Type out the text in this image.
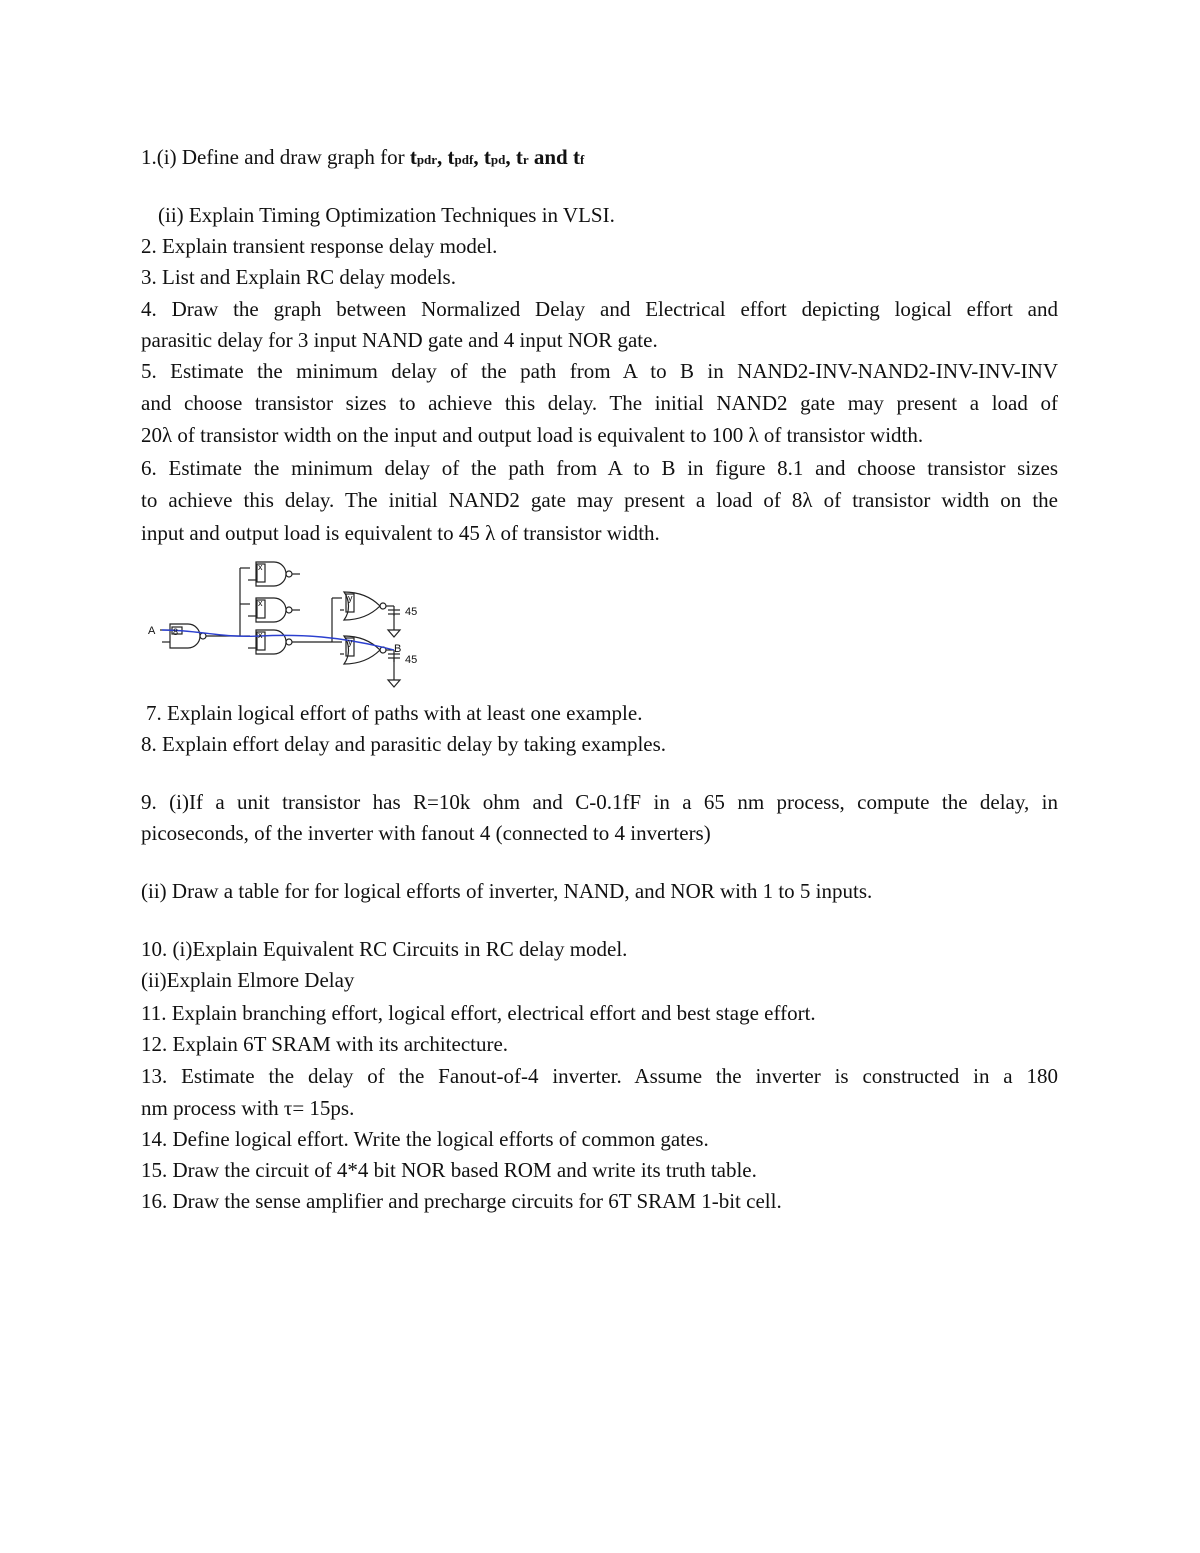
1.(i) Define and draw graph for tpdr, tpdf, tpd, tr and tf
(ii) Explain Timing Optimization Techniques in VLSI.
2. Explain transient response delay model.
3. List and Explain RC delay models.
4. Draw the graph between Normalized Delay and Electrical effort depicting logical effort and
parasitic delay for 3 input NAND gate and 4 input NOR gate.
5. Estimate the minimum delay of the path from A to B in NAND2-INV-NAND2-INV-INV-INV
and choose transistor sizes to achieve this delay. The initial NAND2 gate may present a load of
20λ of transistor width on the input and output load is equivalent to 100 λ of transistor width.
6. Estimate the minimum delay of the path from A to B in figure 8.1 and choose transistor sizes
to achieve this delay. The initial NAND2 gate may present a load of 8λ of transistor width on the
input and output load is equivalent to 45 λ of transistor width.
A 8
x
x
x
y
y
B
45
45
7. Explain logical effort of paths with at least one example.
8. Explain effort delay and parasitic delay by taking examples.
9. (i)If a unit transistor has R=10k ohm and C-0.1fF in a 65 nm process, compute the delay, in
picoseconds, of the inverter with fanout 4 (connected to 4 inverters)
(ii) Draw a table for for logical efforts of inverter, NAND, and NOR with 1 to 5 inputs.
10. (i)Explain Equivalent RC Circuits in RC delay model.
(ii)Explain Elmore Delay
11. Explain branching effort, logical effort, electrical effort and best stage effort.
12. Explain 6T SRAM with its architecture.
13. Estimate the delay of the Fanout-of-4 inverter. Assume the inverter is constructed in a 180
nm process with τ= 15ps.
14. Define logical effort. Write the logical efforts of common gates.
15. Draw the circuit of 4*4 bit NOR based ROM and write its truth table.
16. Draw the sense amplifier and precharge circuits for 6T SRAM 1-bit cell.
